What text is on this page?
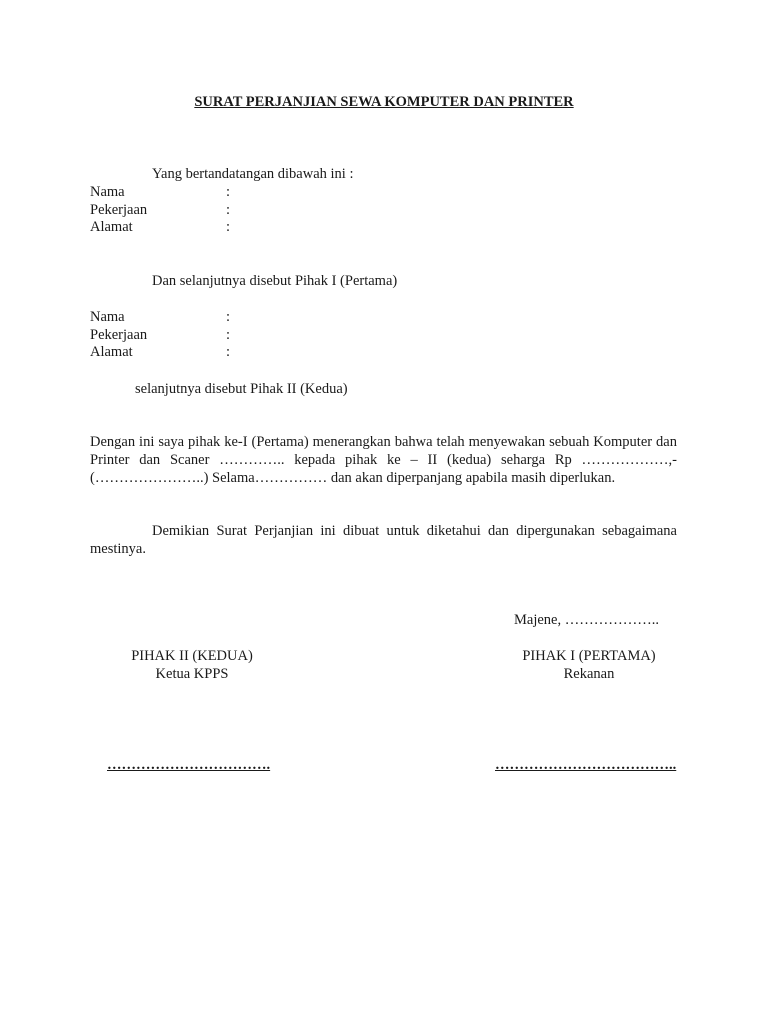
SURAT PERJANJIAN SEWA KOMPUTER DAN PRINTER
Yang bertandatangan dibawah ini :
Nama	:
Pekerjaan	:
Alamat	:
Dan selanjutnya disebut Pihak I (Pertama)
Nama	:
Pekerjaan	:
Alamat	:
selanjutnya disebut Pihak II (Kedua)
Dengan ini saya pihak ke-I (Pertama) menerangkan bahwa telah menyewakan sebuah Komputer dan Printer dan Scaner ………….. kepada pihak ke – II (kedua) seharga Rp ………………,- (…………………..) Selama…………… dan akan diperpanjang apabila masih diperlukan.
Demikian Surat Perjanjian ini dibuat untuk diketahui dan dipergunakan sebagaimana mestinya.
Majene, ………………..
PIHAK II (KEDUA)
Ketua KPPS
PIHAK I (PERTAMA)
Rekanan
…………………………….	………………………………..
